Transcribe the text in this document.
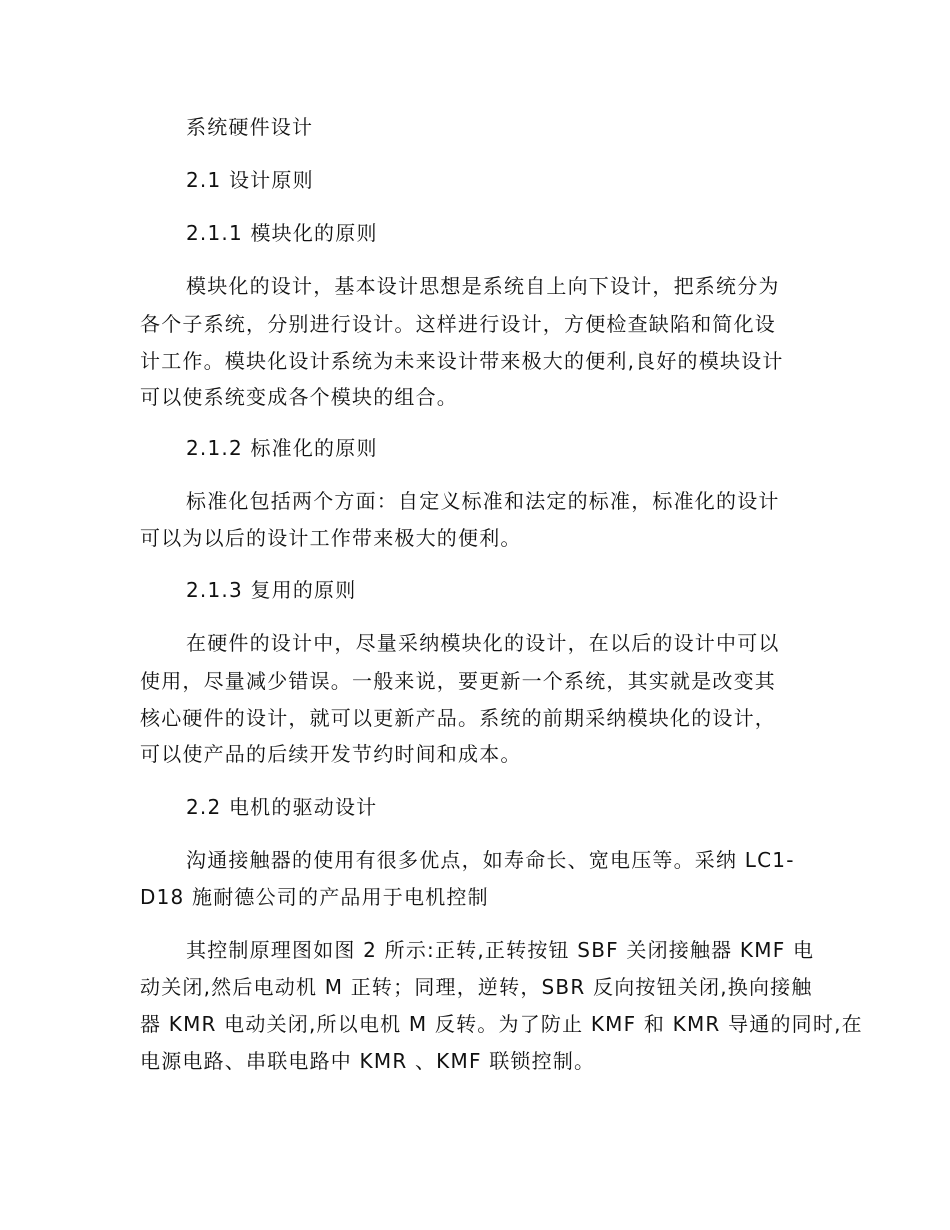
系统硬件设计
2.1 设计原则
2.1.1 模块化的原则
模块化的设计，基本设计思想是系统自上向下设计，把系统分为
各个子系统，分别进行设计。这样进行设计，方便检查缺陷和简化设
计工作。模块化设计系统为未来设计带来极大的便利,良好的模块设计
可以使系统变成各个模块的组合。
2.1.2 标准化的原则
标准化包括两个方面：自定义标准和法定的标准，标准化的设计
可以为以后的设计工作带来极大的便利。
2.1.3 复用的原则
在硬件的设计中，尽量采纳模块化的设计，在以后的设计中可以
使用，尽量减少错误。一般来说，要更新一个系统，其实就是改变其
核心硬件的设计，就可以更新产品。系统的前期采纳模块化的设计，
可以使产品的后续开发节约时间和成本。
2.2 电机的驱动设计
沟通接触器的使用有很多优点，如寿命长、宽电压等。采纳 LC1-
D18 施耐德公司的产品用于电机控制
其控制原理图如图 2 所示:正转,正转按钮 SBF 关闭接触器 KMF 电
动关闭,然后电动机 M 正转；同理，逆转，SBR 反向按钮关闭,换向接触
器 KMR 电动关闭,所以电机 M 反转。为了防止 KMF 和 KMR 导通的同时,在
电源电路、串联电路中 KMR 、KMF 联锁控制。
